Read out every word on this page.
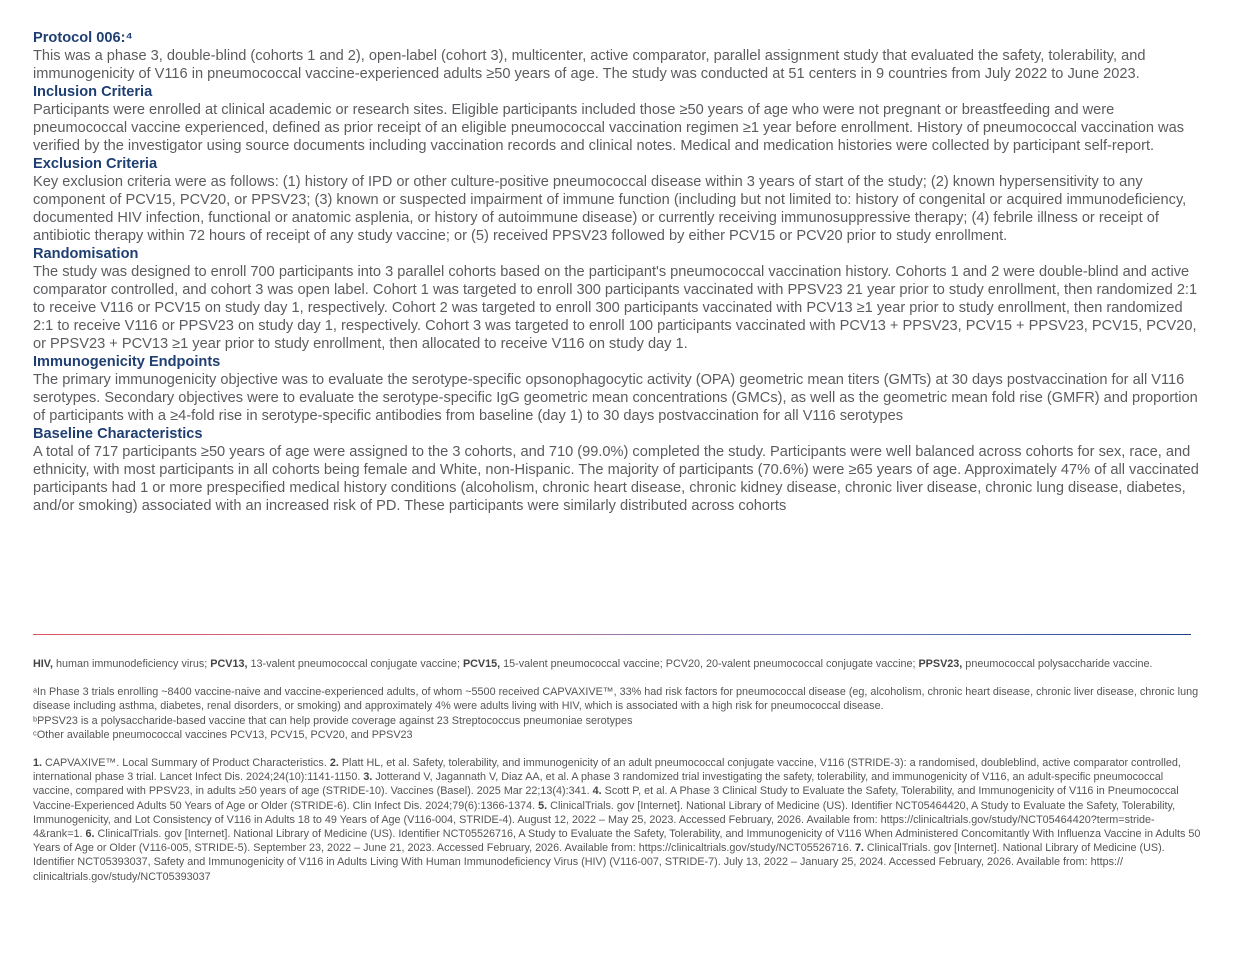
Protocol 006:⁴

This was a phase 3, double-blind (cohorts 1 and 2), open-label (cohort 3), multicenter, active comparator, parallel assignment study that evaluated the safety, tolerability, and immunogenicity of V116 in pneumococcal vaccine-experienced adults ≥50 years of age. The study was conducted at 51 centers in 9 countries from July 2022 to June 2023.

Inclusion Criteria

Participants were enrolled at clinical academic or research sites. Eligible participants included those ≥50 years of age who were not pregnant or breastfeeding and were pneumococcal vaccine experienced, defined as prior receipt of an eligible pneumococcal vaccination regimen ≥1 year before enrollment. History of pneumococcal vaccination was verified by the investigator using source documents including vaccination records and clinical notes. Medical and medication histories were collected by participant self-report.

Exclusion Criteria

Key exclusion criteria were as follows: (1) history of IPD or other culture-positive pneumococcal disease within 3 years of start of the study; (2) known hypersensitivity to any component of PCV15, PCV20, or PPSV23; (3) known or suspected impairment of immune function (including but not limited to: history of congenital or acquired immunodeficiency, documented HIV infection, functional or anatomic asplenia, or history of autoimmune disease) or currently receiving immunosuppressive therapy; (4) febrile illness or receipt of antibiotic therapy within 72 hours of receipt of any study vaccine; or (5) received PPSV23 followed by either PCV15 or PCV20 prior to study enrollment.

Randomisation

The study was designed to enroll 700 participants into 3 parallel cohorts based on the participant's pneumococcal vaccination history. Cohorts 1 and 2 were double-blind and active comparator controlled, and cohort 3 was open label. Cohort 1 was targeted to enroll 300 participants vaccinated with PPSV23 21 year prior to study enrollment, then randomized 2:1 to receive V116 or PCV15 on study day 1, respectively. Cohort 2 was targeted to enroll 300 participants vaccinated with PCV13 ≥1 year prior to study enrollment, then randomized 2:1 to receive V116 or PPSV23 on study day 1, respectively. Cohort 3 was targeted to enroll 100 participants vaccinated with PCV13 + PPSV23, PCV15 + PPSV23, PCV15, PCV20, or PPSV23 + PCV13 ≥1 year prior to study enrollment, then allocated to receive V116 on study day 1.

Immunogenicity Endpoints

The primary immunogenicity objective was to evaluate the serotype-specific opsonophagocytic activity (OPA) geometric mean titers (GMTs) at 30 days postvaccination for all V116 serotypes. Secondary objectives were to evaluate the serotype-specific IgG geometric mean concentrations (GMCs), as well as the geometric mean fold rise (GMFR) and proportion of participants with a ≥4-fold rise in serotype-specific antibodies from baseline (day 1) to 30 days postvaccination for all V116 serotypes

Baseline Characteristics

A total of 717 participants ≥50 years of age were assigned to the 3 cohorts, and 710 (99.0%) completed the study. Participants were well balanced across cohorts for sex, race, and ethnicity, with most participants in all cohorts being female and White, non-Hispanic. The majority of participants (70.6%) were ≥65 years of age. Approximately 47% of all vaccinated participants had 1 or more prespecified medical history conditions (alcoholism, chronic heart disease, chronic kidney disease, chronic liver disease, chronic lung disease, diabetes, and/or smoking) associated with an increased risk of PD. These participants were similarly distributed across cohorts

HIV, human immunodeficiency virus; PCV13, 13-valent pneumococcal conjugate vaccine; PCV15, 15-valent pneumococcal vaccine; PCV20, 20-valent pneumococcal conjugate vaccine; PPSV23, pneumococcal polysaccharide vaccine.

ᵃIn Phase 3 trials enrolling ~8400 vaccine-naive and vaccine-experienced adults, of whom ~5500 received CAPVAXIVE™, 33% had risk factors for pneumococcal disease (eg, alcoholism, chronic heart disease, chronic liver disease, chronic lung disease including asthma, diabetes, renal disorders, or smoking) and approximately 4% were adults living with HIV, which is associated with a high risk for pneumococcal disease.

ᵇPPSV23 is a polysaccharide-based vaccine that can help provide coverage against 23 Streptococcus pneumoniae serotypes

ᶜOther available pneumococcal vaccines PCV13, PCV15, PCV20, and PPSV23

1. CAPVAXIVE™. Local Summary of Product Characteristics. 2. Platt HL, et al. Safety, tolerability, and immunogenicity of an adult pneumococcal conjugate vaccine, V116 (STRIDE-3): a randomised, doubleblind, active comparator controlled, international phase 3 trial. Lancet Infect Dis. 2024;24(10):1141-1150. 3. Jotterand V, Jagannath V, Diaz AA, et al. A phase 3 randomized trial investigating the safety, tolerability, and immunogenicity of V116, an adult-specific pneumococcal vaccine, compared with PPSV23, in adults ≥50 years of age (STRIDE-10). Vaccines (Basel). 2025 Mar 22;13(4):341. 4. Scott P, et al. A Phase 3 Clinical Study to Evaluate the Safety, Tolerability, and Immunogenicity of V116 in Pneumococcal Vaccine-Experienced Adults 50 Years of Age or Older (STRIDE-6). Clin Infect Dis. 2024;79(6):1366-1374. 5. ClinicalTrials. gov [Internet]. National Library of Medicine (US). Identifier NCT05464420, A Study to Evaluate the Safety, Tolerability, Immunogenicity, and Lot Consistency of V116 in Adults 18 to 49 Years of Age (V116-004, STRIDE-4). August 12, 2022 – May 25, 2023. Accessed February, 2026. Available from: https://clinicaltrials.gov/study/NCT05464420?term=stride-4&rank=1. 6. ClinicalTrials. gov [Internet]. National Library of Medicine (US). Identifier NCT05526716, A Study to Evaluate the Safety, Tolerability, and Immunogenicity of V116 When Administered Concomitantly With Influenza Vaccine in Adults 50 Years of Age or Older (V116-005, STRIDE-5). September 23, 2022 – June 21, 2023. Accessed February, 2026. Available from: https://clinicaltrials.gov/study/NCT05526716. 7. ClinicalTrials. gov [Internet]. National Library of Medicine (US). Identifier NCT05393037, Safety and Immunogenicity of V116 in Adults Living With Human Immunodeficiency Virus (HIV) (V116-007, STRIDE-7). July 13, 2022 – January 25, 2024. Accessed February, 2026. Available from: https:// clinicaltrials.gov/study/NCT05393037
